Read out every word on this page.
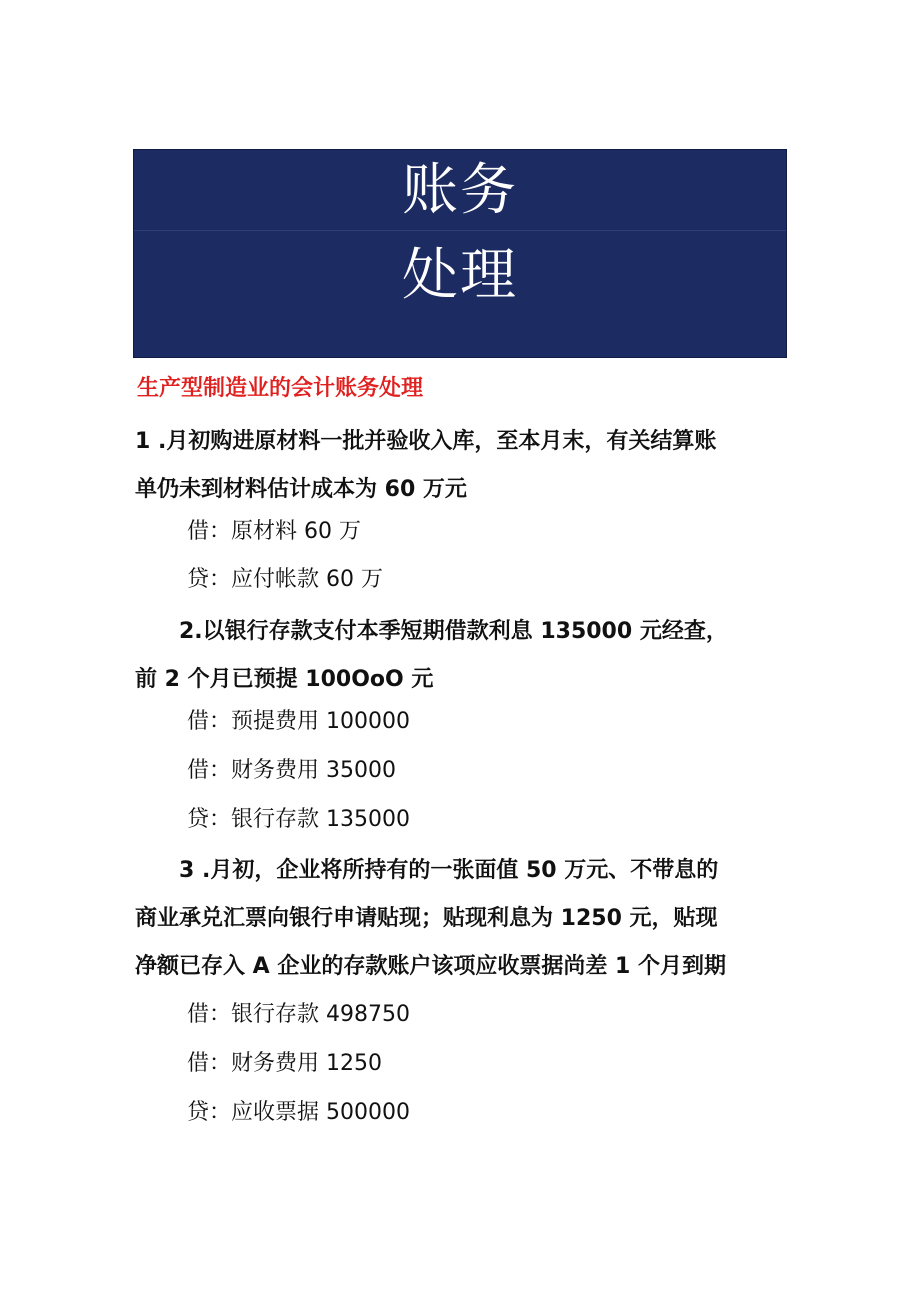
账务
处理
生产型制造业的会计账务处理
1 .月初购进原材料一批并验收入库，至本月末，有关结算账
单仍未到材料估计成本为 60 万元
借：原材料 60 万
贷：应付帐款 60 万
　　2.以银行存款支付本季短期借款利息 135000 元经查，
前 2 个月已预提 100OoO 元
借：预提费用 100000
借：财务费用 35000
贷：银行存款 135000
　　3 .月初，企业将所持有的一张面值 50 万元、不带息的
商业承兑汇票向银行申请贴现；贴现利息为 1250 元，贴现
净额已存入 A 企业的存款账户该项应收票据尚差 1 个月到期
借：银行存款 498750
借：财务费用 1250
贷：应收票据 500000
